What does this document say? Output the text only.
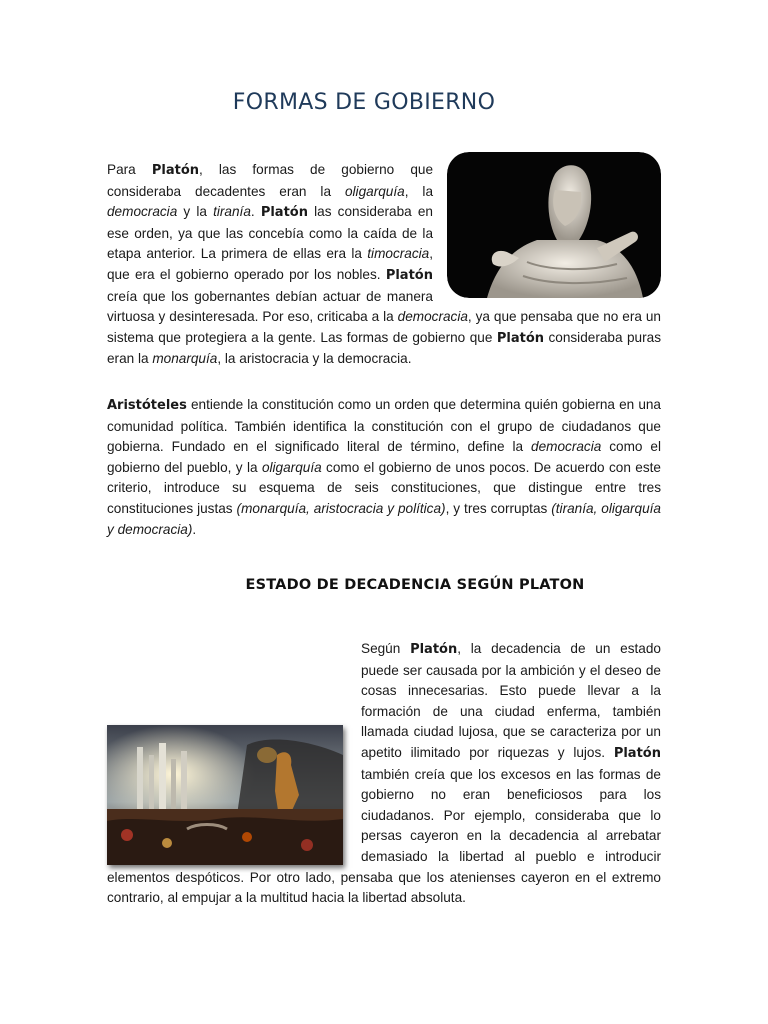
FORMAS DE GOBIERNO

Para Platón, las formas de gobierno que consideraba decadentes eran la oligarquía, la democracia y la tiranía. Platón las consideraba en ese orden, ya que las concebía como la caída de la etapa anterior. La primera de ellas era la timocracia, que era el gobierno operado por los nobles. Platón creía que los gobernantes debían actuar de manera virtuosa y desinteresada. Por eso, criticaba a la democracia, ya que pensaba que no era un sistema que protegiera a la gente. Las formas de gobierno que Platón consideraba puras eran la monarquía, la aristocracia y la democracia.

Aristóteles entiende la constitución como un orden que determina quién gobierna en una comunidad política. También identifica la constitución con el grupo de ciudadanos que gobierna. Fundado en el significado literal de término, define la democracia como el gobierno del pueblo, y la oligarquía como el gobierno de unos pocos. De acuerdo con este criterio, introduce su esquema de seis constituciones, que distingue entre tres constituciones justas (monarquía, aristocracia y política), y tres corruptas (tiranía, oligarquía y democracia).

ESTADO DE DECADENCIA SEGÚN PLATON

Según Platón, la decadencia de un estado puede ser causada por la ambición y el deseo de cosas innecesarias. Esto puede llevar a la formación de una ciudad enferma, también llamada ciudad lujosa, que se caracteriza por un apetito ilimitado por riquezas y lujos. Platón también creía que los excesos en las formas de gobierno no eran beneficiosos para los ciudadanos. Por ejemplo, consideraba que lo persas cayeron en la decadencia al arrebatar demasiado la libertad al pueblo e introducir elementos despóticos. Por otro lado, pensaba que los atenienses cayeron en el extremo contrario, al empujar a la multitud hacia la libertad absoluta.
